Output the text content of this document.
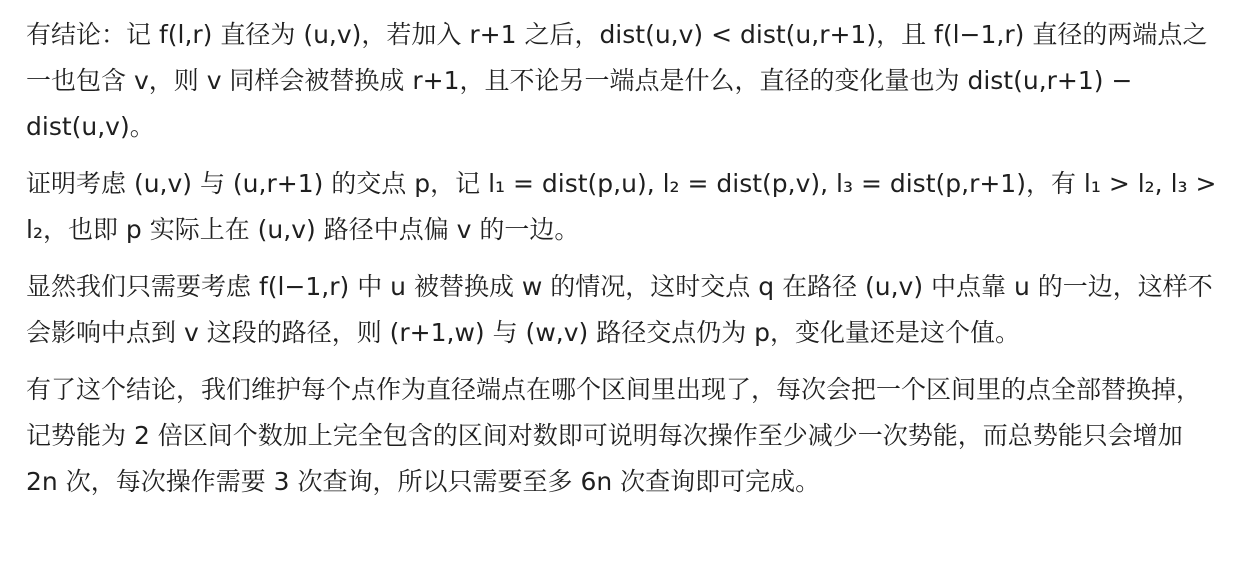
有结论：记 f(l,r) 直径为 (u,v)，若加入 r+1 之后，dist(u,v) < dist(u,r+1)，且 f(l−1,r) 直径的两端点之一也包含 v，则 v 同样会被替换成 r+1，且不论另一端点是什么，直径的变化量也为 dist(u,r+1) − dist(u,v)。

证明考虑 (u,v) 与 (u,r+1) 的交点 p，记 l₁ = dist(p,u), l₂ = dist(p,v), l₃ = dist(p,r+1)，有 l₁ > l₂, l₃ > l₂，也即 p 实际上在 (u,v) 路径中点偏 v 的一边。

显然我们只需要考虑 f(l−1,r) 中 u 被替换成 w 的情况，这时交点 q 在路径 (u,v) 中点靠 u 的一边，这样不会影响中点到 v 这段的路径，则 (r+1,w) 与 (w,v) 路径交点仍为 p，变化量还是这个值。

有了这个结论，我们维护每个点作为直径端点在哪个区间里出现了，每次会把一个区间里的点全部替换掉，记势能为 2 倍区间个数加上完全包含的区间对数即可说明每次操作至少减少一次势能，而总势能只会增加 2n 次，每次操作需要 3 次查询，所以只需要至多 6n 次查询即可完成。
